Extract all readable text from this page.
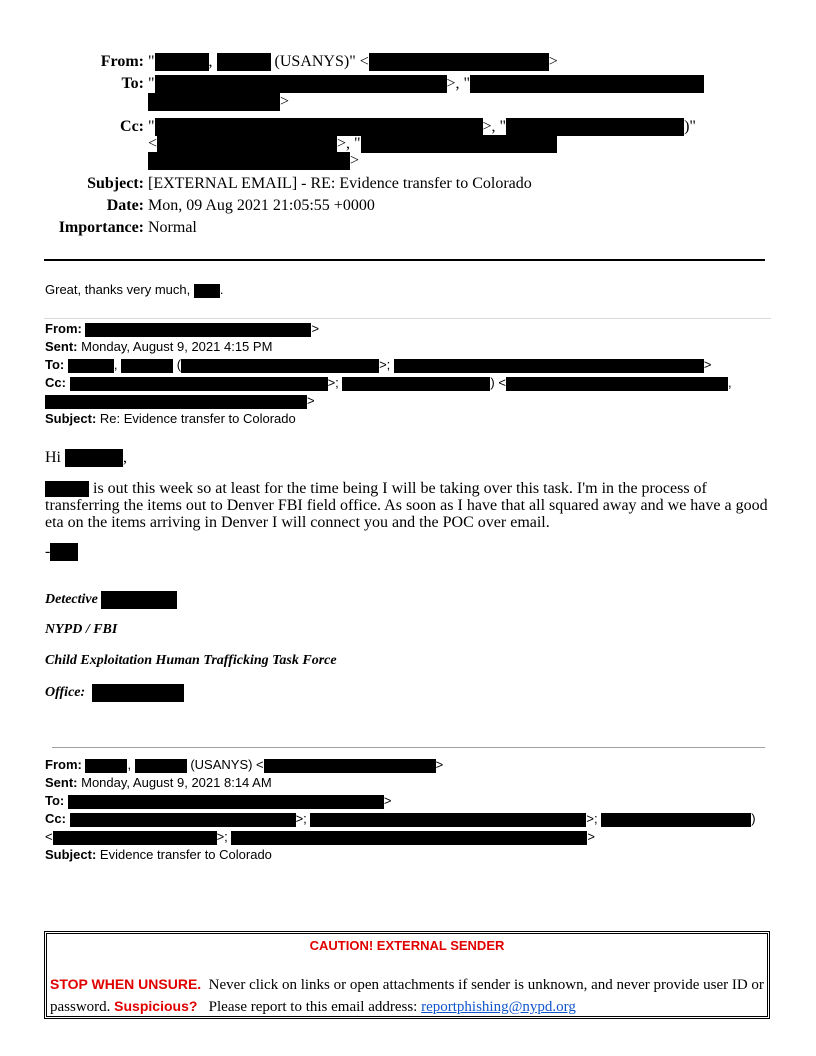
From: "	,	(USANYS)" <	>
To: "	>, "
>
Cc: "	>, "	)"
<	>, "
>
Subject: [EXTERNAL EMAIL] - RE: Evidence transfer to Colorado
Date: Mon, 09 Aug 2021 21:05:55 +0000
Importance: Normal
Great, thanks very much, .
From:	>
Sent: Monday, August 9, 2021 4:15 PM
To:	,	(	>;	>
Cc:	>;	) <	,
>
Subject: Re: Evidence transfer to Colorado
Hi	,
is out this week so at least for the time being I will be taking over this task. I'm in the process of transferring the items out to Denver FBI field office. As soon as I have that all squared away and we have a good eta on the items arriving in Denver I will connect you and the POC over email.
-
Detective
NYPD / FBI
Child Exploitation Human Trafficking Task Force
Office:
From:	,	(USANYS) <	>
Sent: Monday, August 9, 2021 8:14 AM
To:	>
Cc:	>;	>;	)
<	>;	>
Subject: Evidence transfer to Colorado
CAUTION! EXTERNAL SENDER
STOP WHEN UNSURE. Never click on links or open attachments if sender is unknown, and never provide user ID or password. Suspicious? Please report to this email address: reportphishing@nypd.org
